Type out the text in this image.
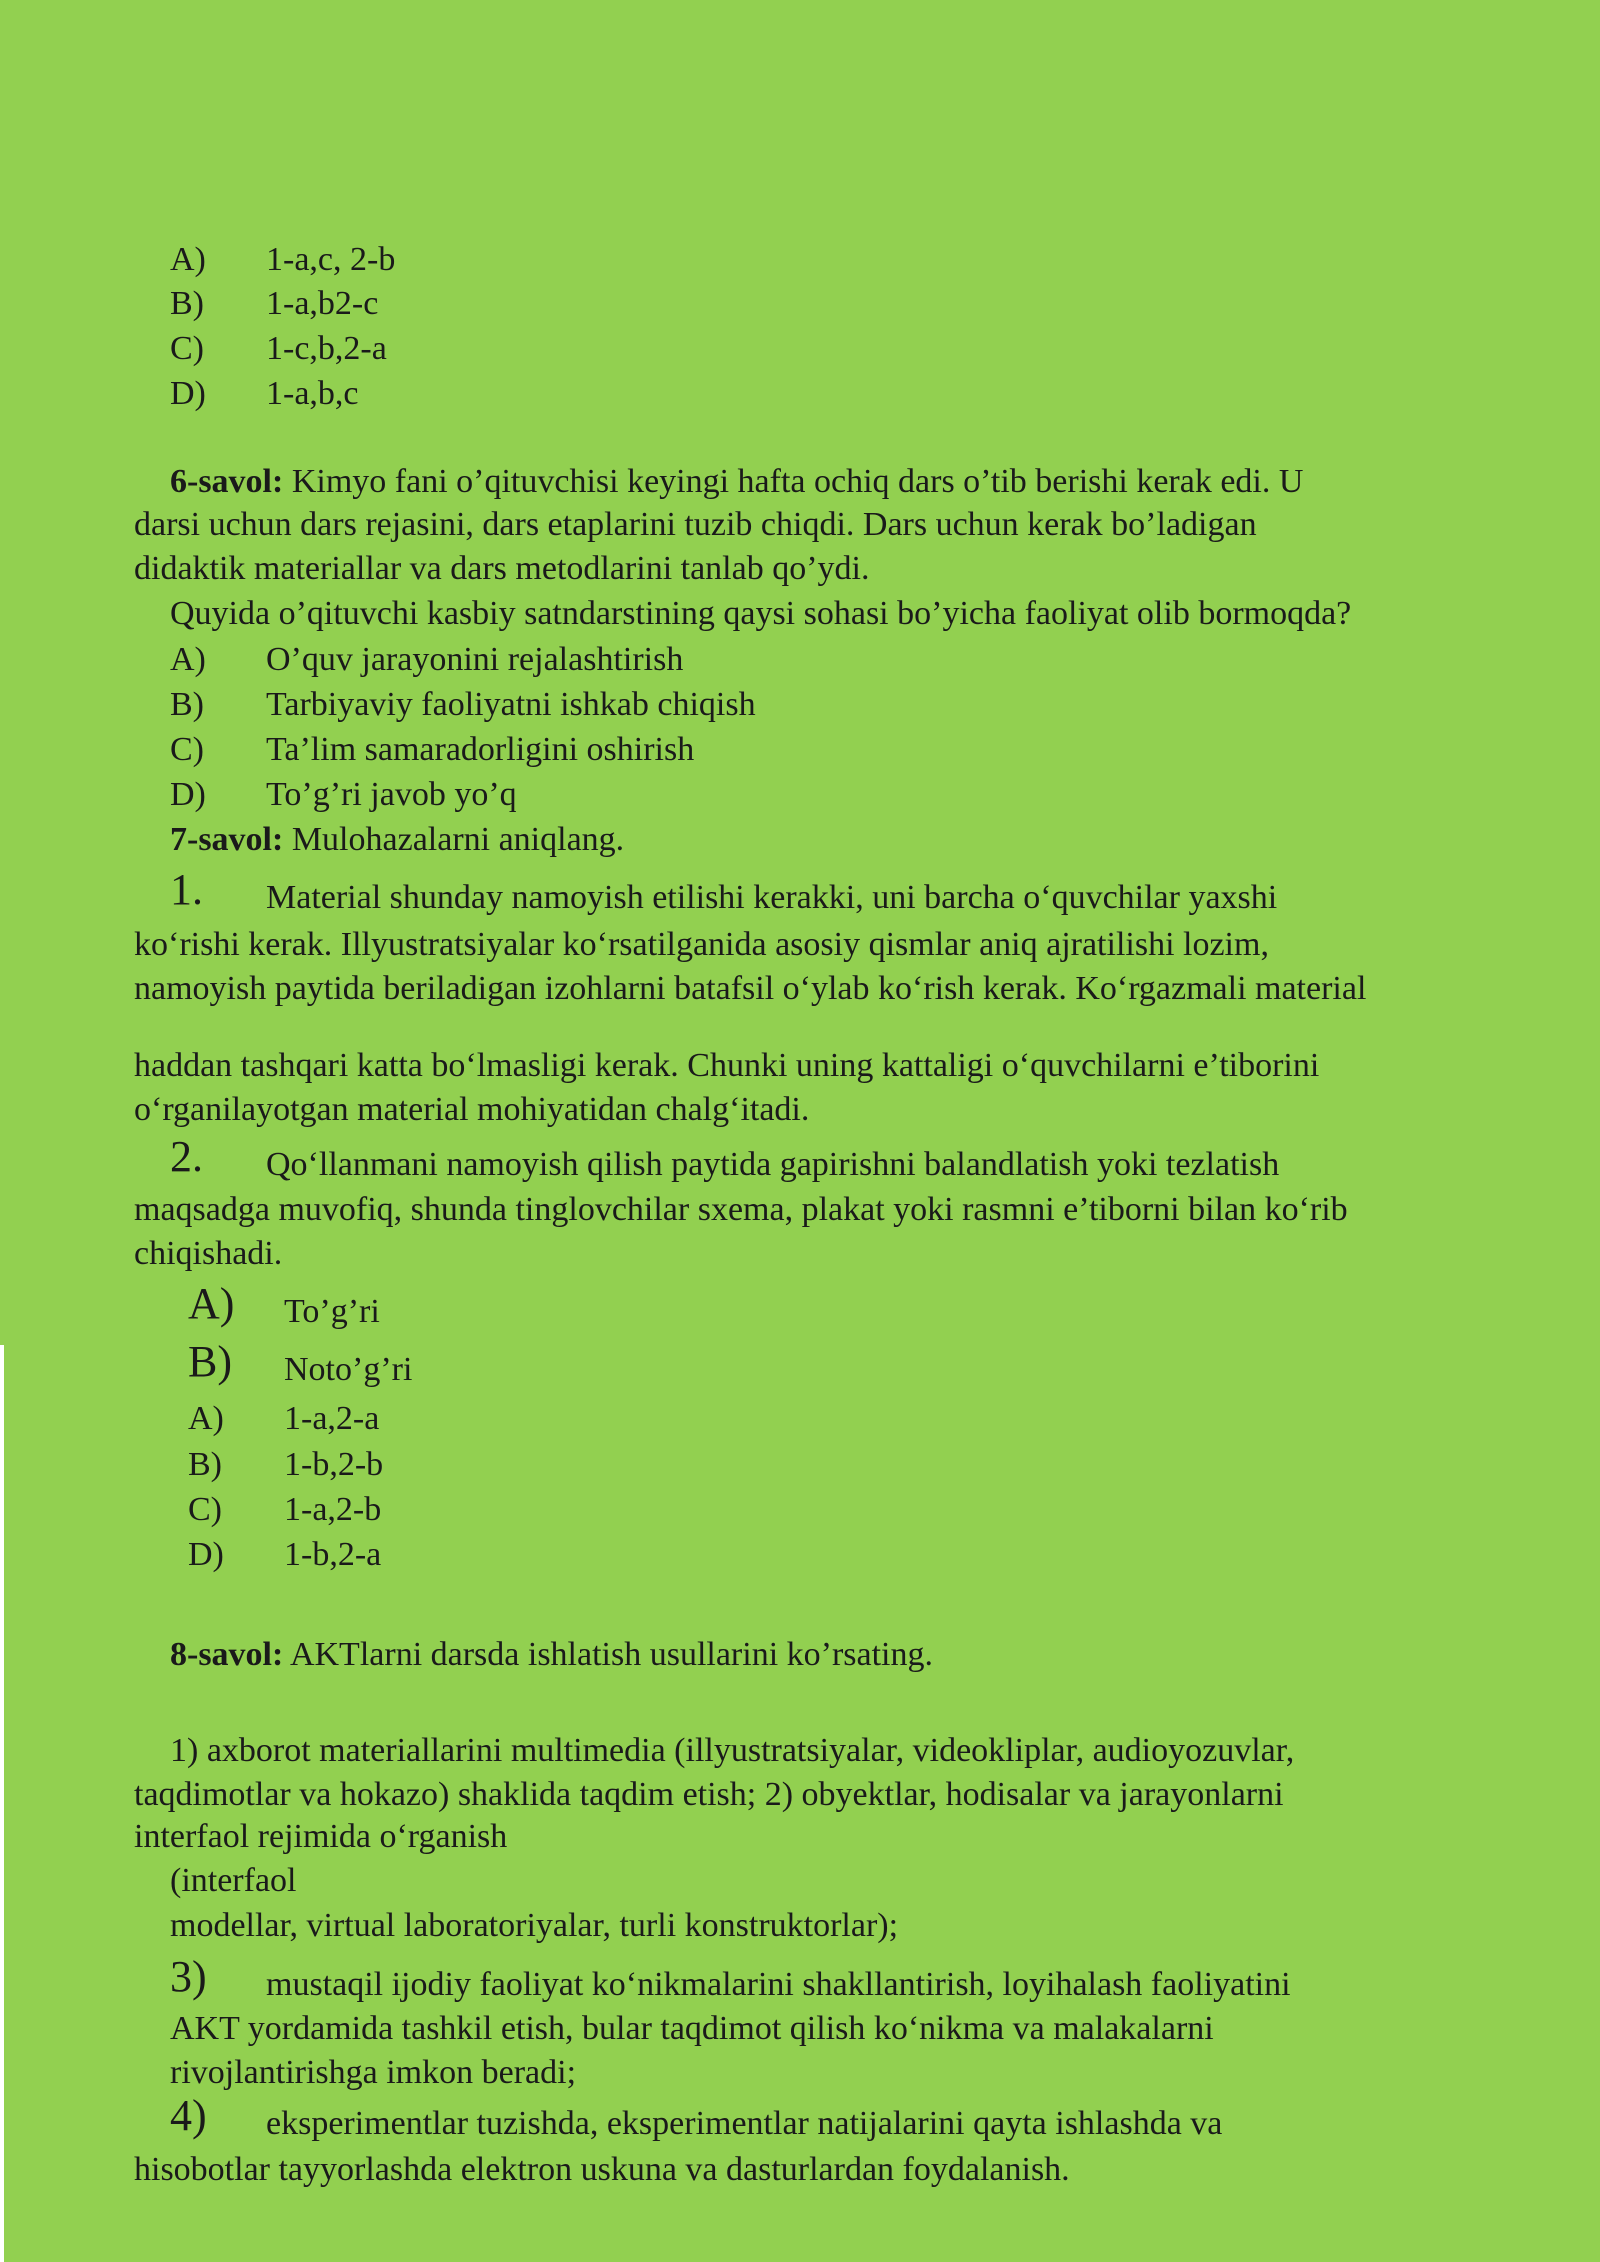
A) 1-a,c, 2-b
B) 1-a,b2-c
C) 1-c,b,2-a
D) 1-a,b,c
6-savol: Kimyo fani o’qituvchisi keyingi hafta ochiq dars o’tib berishi kerak edi. U
darsi uchun dars rejasini, dars etaplarini tuzib chiqdi. Dars uchun kerak bo’ladigan
didaktik materiallar va dars metodlarini tanlab qo’ydi.
Quyida o’qituvchi kasbiy satndarstining qaysi sohasi bo’yicha faoliyat olib bormoqda?
A) O’quv jarayonini rejalashtirish
B) Tarbiyaviy faoliyatni ishkab chiqish
C) Ta’lim samaradorligini oshirish
D) To’g’ri javob yo’q
7-savol: Mulohazalarni aniqlang.
1. Material shunday namoyish etilishi kerakki, uni barcha o‘quvchilar yaxshi
ko‘rishi kerak. Illyustratsiyalar ko‘rsatilganida asosiy qismlar aniq ajratilishi lozim,
namoyish paytida beriladigan izohlarni batafsil o‘ylab ko‘rish kerak. Ko‘rgazmali material
haddan tashqari katta bo‘lmasligi kerak. Chunki uning kattaligi o‘quvchilarni e’tiborini
o‘rganilayotgan material mohiyatidan chalg‘itadi.
2. Qo‘llanmani namoyish qilish paytida gapirishni balandlatish yoki tezlatish
maqsadga muvofiq, shunda tinglovchilar sxema, plakat yoki rasmni e’tiborni bilan ko‘rib
chiqishadi.
A) To’g’ri
B) Noto’g’ri
A) 1-a,2-a
B) 1-b,2-b
C) 1-a,2-b
D) 1-b,2-a
8-savol: AKTlarni darsda ishlatish usullarini ko’rsating.
1) axborot materiallarini multimedia (illyustratsiyalar, videokliplar, audioyozuvlar,
taqdimotlar va hokazo) shaklida taqdim etish; 2) obyektlar, hodisalar va jarayonlarni
interfaol rejimida o‘rganish
(interfaol
modellar, virtual laboratoriyalar, turli konstruktorlar);
3) mustaqil ijodiy faoliyat ko‘nikmalarini shakllantirish, loyihalash faoliyatini
AKT yordamida tashkil etish, bular taqdimot qilish ko‘nikma va malakalarni
rivojlantirishga imkon beradi;
4) eksperimentlar tuzishda, eksperimentlar natijalarini qayta ishlashda va
hisobotlar tayyorlashda elektron uskuna va dasturlardan foydalanish.
